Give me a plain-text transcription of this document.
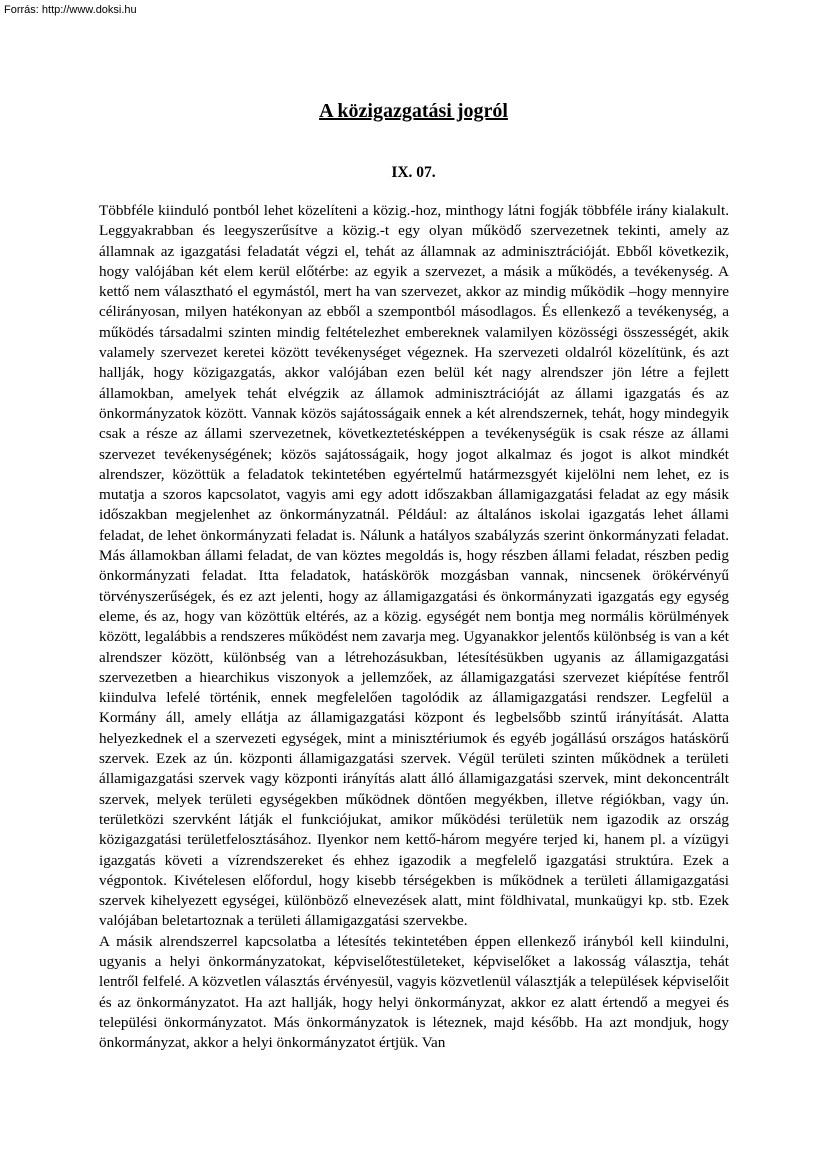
Forrás: http://www.doksi.hu
A közigazgatási jogról
IX. 07.

Többféle kiinduló pontból lehet közelíteni a közig.-hoz, minthogy látni fogják többféle irány kialakult. Leggyakrabban és leegyszerűsítve a közig.-t egy olyan működő szervezetnek tekinti, amely az államnak az igazgatási feladatát végzi el, tehát az államnak az adminisztrációját. Ebből következik, hogy valójában két elem kerül előtérbe: az egyik a szervezet, a másik a működés, a tevékenység. A kettő nem választható el egymástól, mert ha van szervezet, akkor az mindig működik –hogy mennyire célirányosan, milyen hatékonyan az ebből a szempontból másodlagos. És ellenkező a tevékenység, a működés társadalmi szinten mindig feltételezhet embereknek valamilyen közösségi összességét, akik valamely szervezet keretei között tevékenységet végeznek. Ha szervezeti oldalról közelítünk, és azt hallják, hogy közigazgatás, akkor valójában ezen belül két nagy alrendszer jön létre a fejlett államokban, amelyek tehát elvégzik az államok adminisztrációját az állami igazgatás és az önkormányzatok között. Vannak közös sajátosságaik ennek a két alrendszernek, tehát, hogy mindegyik csak a része az állami szervezetnek, következtetésképpen a tevékenységük is csak része az állami szervezet tevékenységének; közös sajátosságaik, hogy jogot alkalmaz és jogot is alkot mindkét alrendszer, közöttük a feladatok tekintetében egyértelmű határmezsgyét kijelölni nem lehet, ez is mutatja a szoros kapcsolatot, vagyis ami egy adott időszakban államigazgatási feladat az egy másik időszakban megjelenhet az önkormányzatnál. Például: az általános iskolai igazgatás lehet állami feladat, de lehet önkormányzati feladat is. Nálunk a hatályos szabályzás szerint önkormányzati feladat. Más államokban állami feladat, de van köztes megoldás is, hogy részben állami feladat, részben pedig önkormányzati feladat. Itta feladatok, hatáskörök mozgásban vannak, nincsenek örökérvényű törvényszerűségek, és ez azt jelenti, hogy az államigazgatási és önkormányzati igazgatás egy egység eleme, és az, hogy van közöttük eltérés, az a közig. egységét nem bontja meg normális körülmények között, legalábbis a rendszeres működést nem zavarja meg. Ugyanakkor jelentős különbség is van a két alrendszer között, különbség van a létrehozásukban, létesítésükben ugyanis az államigazgatási szervezetben a hiearchikus viszonyok a jellemzőek, az államigazgatási szervezet kiépítése fentről kiindulva lefelé történik, ennek megfelelően tagolódik az államigazgatási rendszer. Legfelül a Kormány áll, amely ellátja az államigazgatási központ és legbelsőbb szintű irányítását. Alatta helyezkednek el a szervezeti egységek, mint a minisztériumok és egyéb jogállású országos hatáskörű szervek. Ezek az ún. központi államigazgatási szervek. Végül területi szinten működnek a területi államigazgatási szervek vagy központi irányítás alatt álló államigazgatási szervek, mint dekoncentrált szervek, melyek területi egységekben működnek döntően megyékben, illetve régiókban, vagy ún. területközi szervként látják el funkciójukat, amikor működési területük nem igazodik az ország közigazgatási területfelosztásához. Ilyenkor nem kettő-három megyére terjed ki, hanem pl. a vízügyi igazgatás követi a vízrendszereket és ehhez igazodik a megfelelő igazgatási struktúra. Ezek a végpontok. Kivételesen előfordul, hogy kisebb térségekben is működnek a területi államigazgatási szervek kihelyezett egységei, különböző elnevezések alatt, mint földhivatal, munkaügyi kp. stb. Ezek valójában beletartoznak a területi államigazgatási szervekbe.

A másik alrendszerrel kapcsolatba a létesítés tekintetében éppen ellenkező irányból kell kiindulni, ugyanis a helyi önkormányzatokat, képviselőtestületeket, képviselőket a lakosság választja, tehát lentről felfelé. A közvetlen választás érvényesül, vagyis közvetlenül választják a települések képviselőit és az önkormányzatot. Ha azt hallják, hogy helyi önkormányzat, akkor ez alatt értendő a megyei és települési önkormányzatot. Más önkormányzatok is léteznek, majd később. Ha azt mondjuk, hogy önkormányzat, akkor a helyi önkormányzatot értjük. Van
